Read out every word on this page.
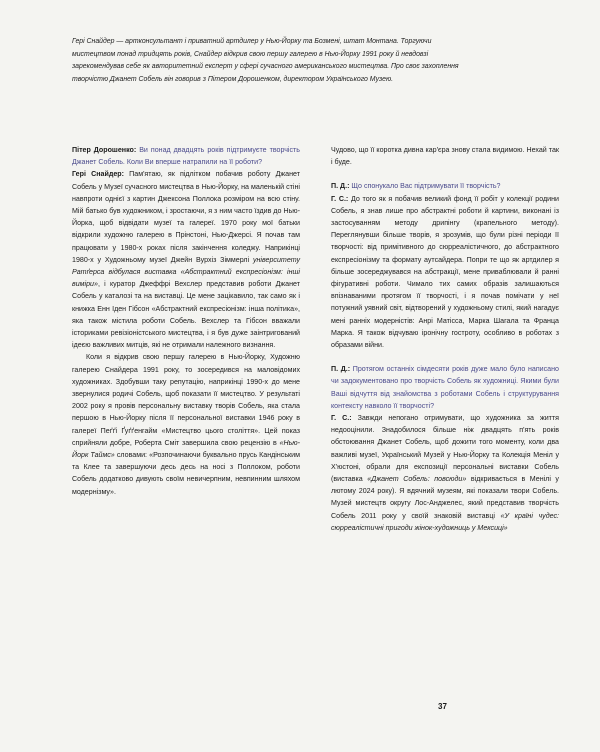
Гері Снайдер — артконсультант і приватний артдилер у Нью-Йорку та Бозмені, штат Монтана. Торгуючи мистецтвом понад тридцять років, Снайдер відкрив свою першу галерею в Нью-Йорку 1991 року й невдовзі зарекомендував себе як авторитетний експерт у сфері сучасного американського мистецтва. Про своє захоплення творчістю Джанет Собель він говорив з Пітером Дорошенком, директором Українського Музею.

Пітер Дорошенко: Ви понад двадцять років підтримуєте творчість Джанет Собель. Коли Ви вперше натрапили на її роботи?

Гері Снайдер: Пам'ятаю, як підлітком побачив роботу Джанет Собель у Музеї сучасного мистецтва в Нью-Йорку, на маленькій стіні навпроти однієї з картин Джексона Поллока розміром на всю стіну. Мій батько був художником, і зростаючи, я з ним часто їздив до Нью-Йорка, щоб відвідати музеї та галереї. 1970 року мої батьки відкрили художню галерею в Прінстоні, Нью-Джерсі. Я почав там працювати у 1980-х роках після закінчення коледжу. Наприкінці 1980-х у Художньому музеї Джейн Вурхіз Зіммерлі університету Ратґерса відбулася виставка «Абстрактний експресіонізм: інші виміри», і куратор Джеффрі Вехслер представив роботи Джанет Собель у каталозі та на виставці. Це мене зацікавило, так само як і книжка Енн Іден Гібсон «Абстрактний експресіонізм: інша політика», яка також містила роботи Собель. Вехслер та Гібсон вважали істориками ревізіоністського мистецтва, і я був дуже заінтригований ідеєю важливих митців, які не отримали належного визнання.

Коли я відкрив свою першу галерею в Нью-Йорку, Художню галерею Снайдера 1991 року, то зосередився на маловідомих художниках. Здобувши таку репутацію, наприкінці 1990-х до мене звернулися родичі Собель, щоб показати її мистецтво. У результаті 2002 року я провів персональну виставку творів Собель, яка стала першою в Нью-Йорку після її персональної виставки 1946 року в галереї Пеґґі Ґуґґенгайм «Мистецтво цього століття». Цей показ сприйняли добре, Роберта Сміт завершила свою рецензію в «Нью-Йорк Таймс» словами: «Розпочинаючи буквально прусь Кандінським та Клее та завершуючи десь десь на носі з Поллоком, роботи Собель додатково дивують своїм невичерпним, невпинним шляхом модернізму».

Чудово, що її коротка дивна кар'єра знову стала видимою. Нехай так і буде.

П. Д.: Що спонукало Вас підтримувати її творчість?

Г. С.: До того як я побачив великий фонд її робіт у колекції родини Собель, я знав лише про абстрактні роботи й картини, виконані із застосуванням методу дрипінгу (крапельного методу). Переглянувши більше творів, я зрозумів, що були різні періоди її творчості: від примітивного до сюрреалістичного, до абстрактного експресіонізму та формату аутсайдера. Попри те що як артдилер я більше зосереджувався на абстракції, мене приваблювали й ранні фігуративні роботи. Чимало тих самих образів залишаються впізнаваними протягом її творчості, і я почав помічати у неї потужний уявний світ, відтворений у художньому стилі, який нагадує мені ранніх модерністів: Анрі Матісса, Марка Шагала та Франца Марка. Я також відчуваю іронічну гостроту, особливо в роботах з образами війни.

П. Д.: Протягом останніх сімдесяти років дуже мало було написано чи задокументовано про творчість Собель як художниці. Якими були Ваші відчуття від знайомства з роботами Собель і структурування контексту навколо її творчості?

Г. С.: Завжди непогано отримувати, що художника за життя недооцінили. Знадобилося більше ніж двадцять п'ять років обстоювання Джанет Собель, щоб дожити того моменту, коли два важливі музеї, Український Музей у Нью-Йорку та Колекція Меніл у Х'юстоні, обрали для експозиції персональні виставки Собель (виставка «Джанет Собель: повсюди» відкривається в Менілі у лютому 2024 року). Я вдячний музеям, які показали твори Собель. Музей мистецтв округу Лос-Анджелес, який представив творчість Собель 2011 року у своїй знаковій виставці «У країні чудес: сюрреалістичні пригоди жінок-художниць у Мексиці»

37
